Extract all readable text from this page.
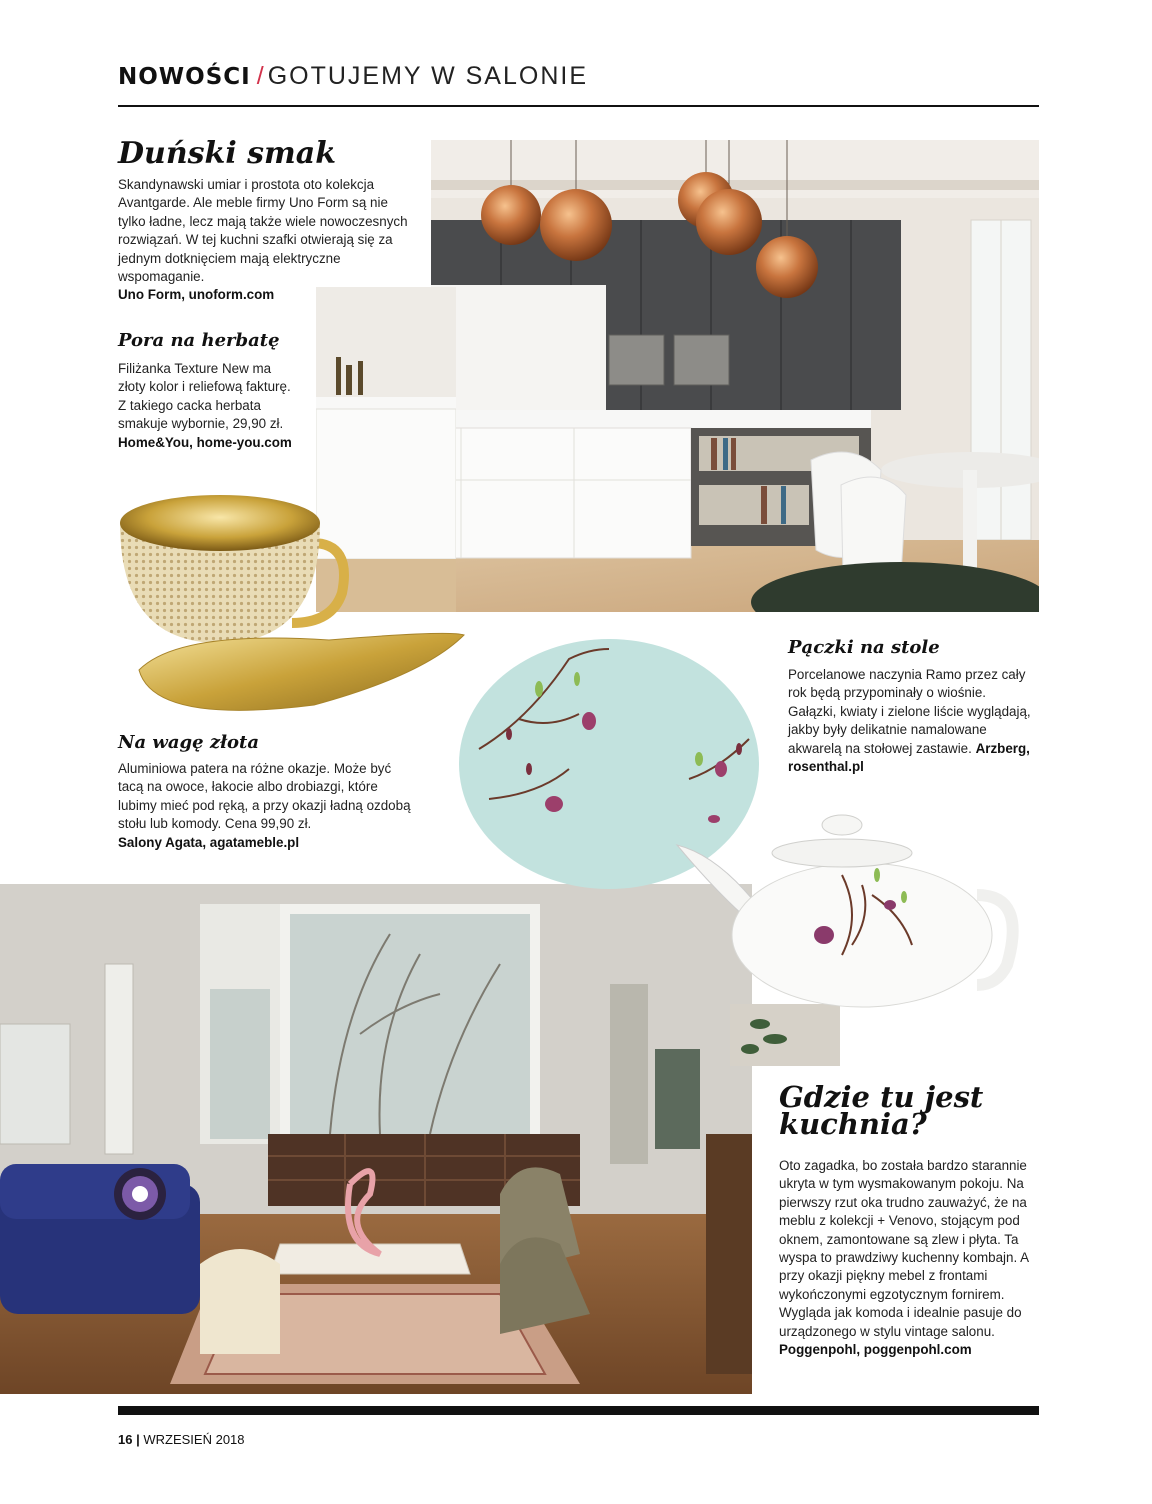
NOWOŚCI / GOTUJEMY W SALONIE
Duński smak
Skandynawski umiar i prostota oto kolekcja Avantgarde. Ale meble firmy Uno Form są nie tylko ładne, lecz mają także wiele nowoczesnych rozwiązań. W tej kuchni szafki otwierają się za jednym dotknięciem mają elektryczne wspomaganie.
Uno Form, unoform.com
Pora na herbatę
Filiżanka Texture New ma złoty kolor i reliefową fakturę. Z takiego cacka herbata smakuje wybornie, 29,90 zł. Home&You, home-you.com
Na wagę złota
Aluminiowa patera na różne okazje. Może być tacą na owoce, łakocie albo drobiazgi, które lubimy mieć pod ręką, a przy okazji ładną ozdobą stołu lub komody. Cena 99,90 zł.
Salony Agata, agatameble.pl
Pączki na stole
Porcelanowe naczynia Ramo przez cały rok będą przypominały o wiośnie. Gałązki, kwiaty i zielone liście wyglądają, jakby były delikatnie namalowane akwarelą na stołowej zastawie. Arzberg, rosenthal.pl
Gdzie tu jest kuchnia?
Oto zagadka, bo została bardzo starannie ukryta w tym wysmakowanym pokoju. Na pierwszy rzut oka trudno zauważyć, że na meblu z kolekcji + Venovo, stojącym pod oknem, zamontowane są zlew i płyta. Ta wyspa to prawdziwy kuchenny kombajn. A przy okazji piękny mebel z frontami wykończonymi egzotycznym fornirem. Wygląda jak komoda i idealnie pasuje do urządzonego w stylu vintage salonu.
Poggenpohl, poggenpohl.com
16 | WRZESIEŃ 2018
